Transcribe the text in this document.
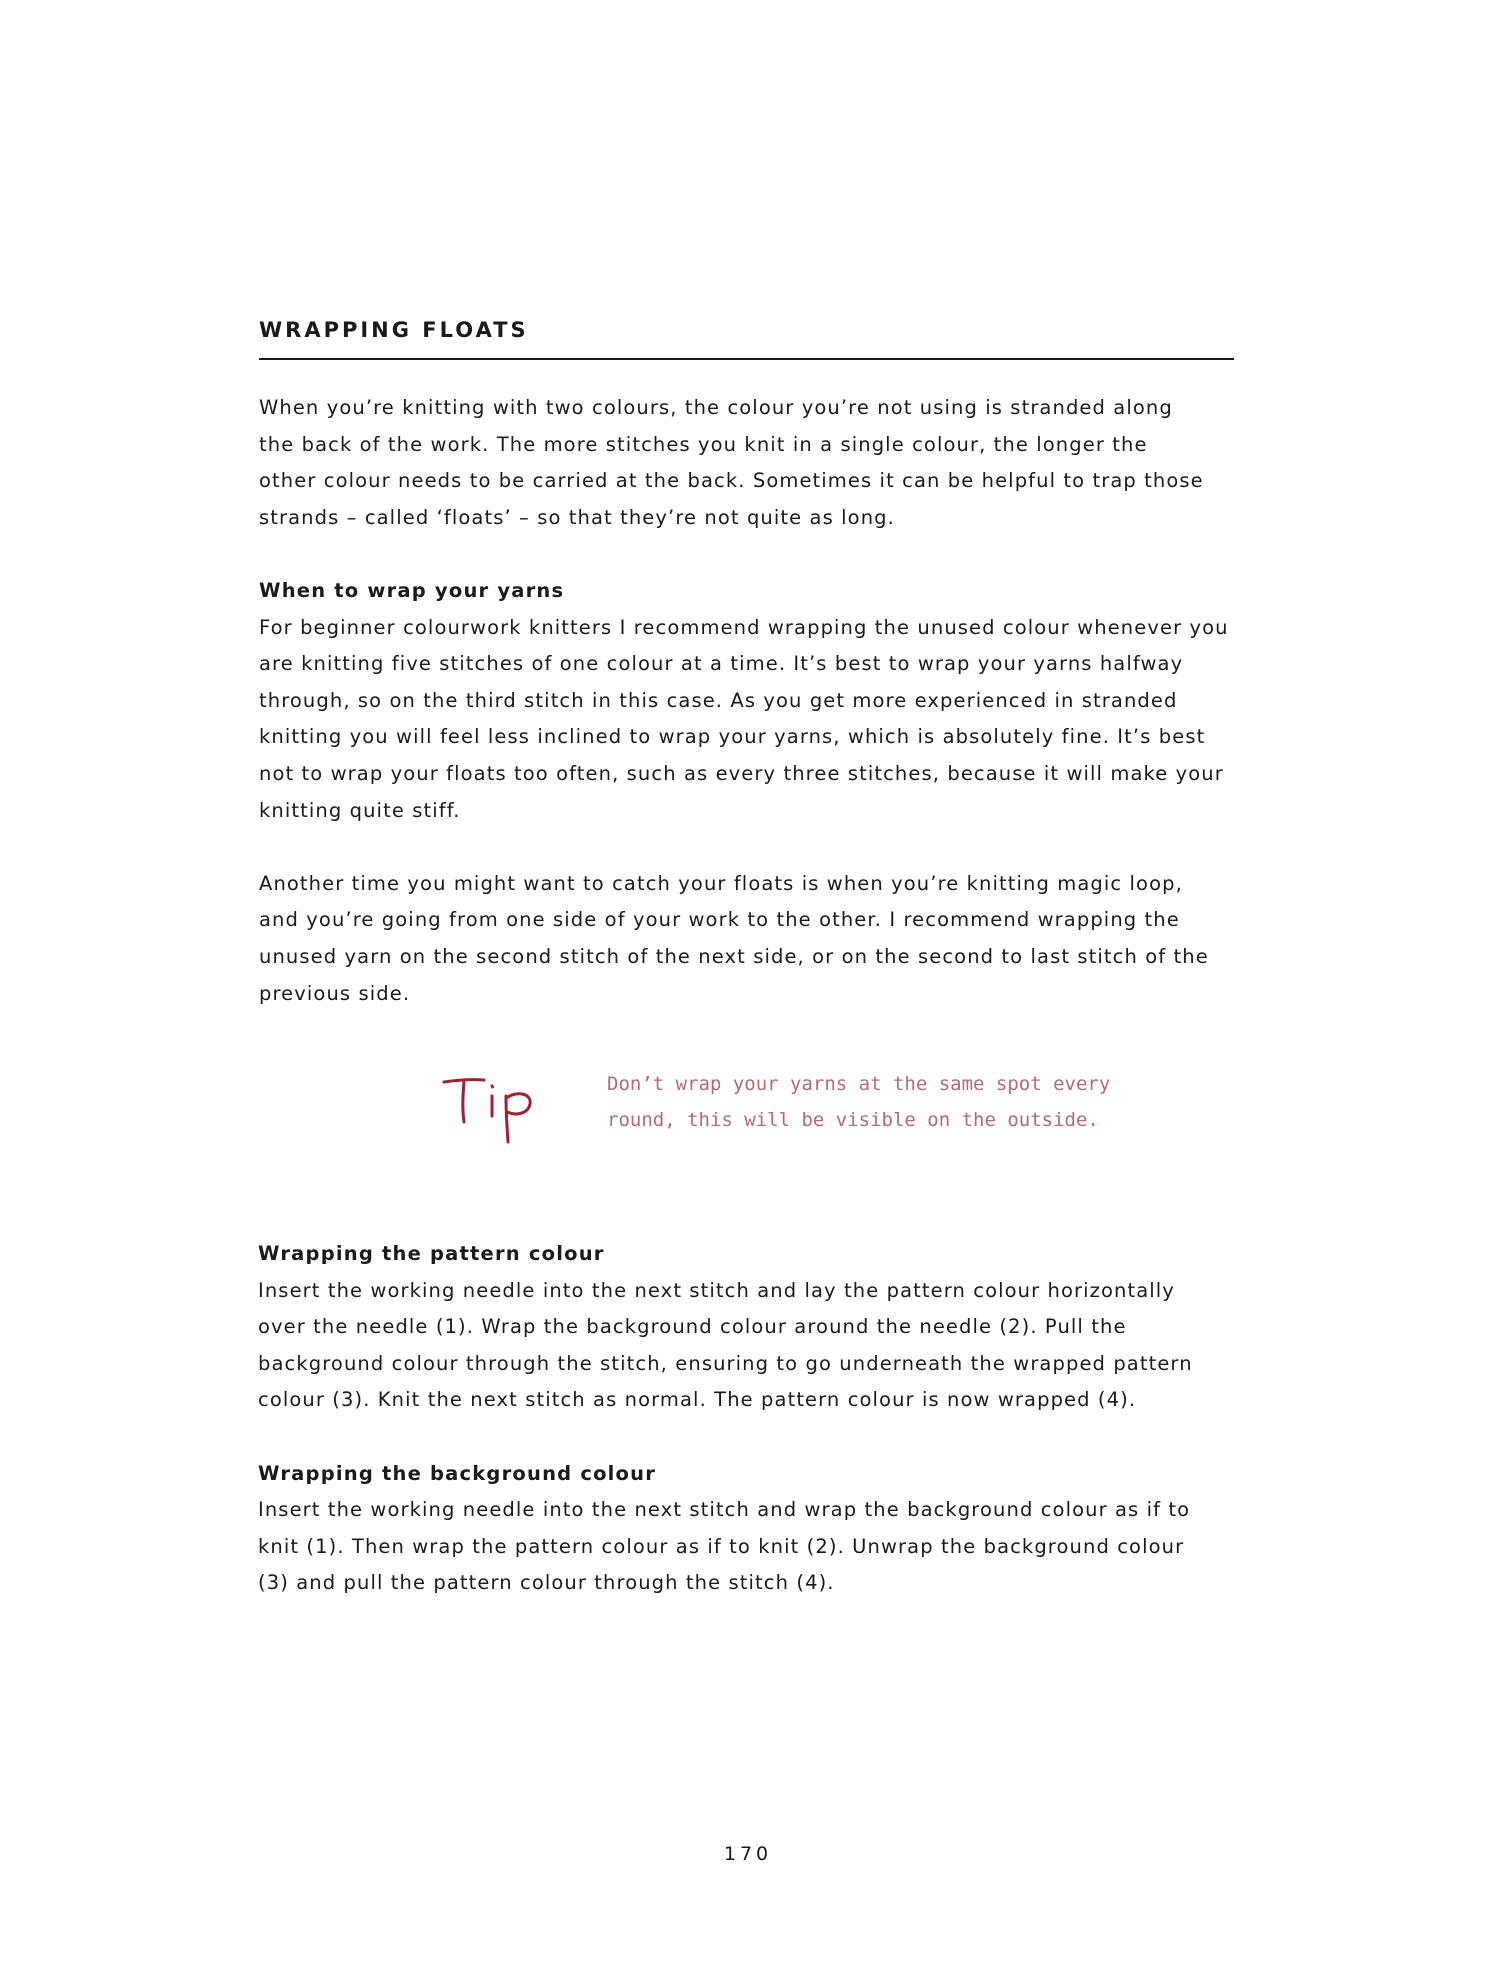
WRAPPING FLOATS

When you’re knitting with two colours, the colour you’re not using is stranded along

the back of the work. The more stitches you knit in a single colour, the longer the

other colour needs to be carried at the back. Sometimes it can be helpful to trap those

strands – called ‘floats’ – so that they’re not quite as long.

When to wrap your yarns

For beginner colourwork knitters I recommend wrapping the unused colour whenever you

are knitting five stitches of one colour at a time. It’s best to wrap your yarns halfway

through, so on the third stitch in this case. As you get more experienced in stranded

knitting you will feel less inclined to wrap your yarns, which is absolutely fine. It’s best

not to wrap your floats too often, such as every three stitches, because it will make your

knitting quite stiff.

Another time you might want to catch your floats is when you’re knitting magic loop,

and you’re going from one side of your work to the other. I recommend wrapping the

unused yarn on the second stitch of the next side, or on the second to last stitch of the

previous side.

Don’t wrap your yarns at the same spot every
round, this will be visible on the outside.
Wrapping the pattern colour

Insert the working needle into the next stitch and lay the pattern colour horizontally

over the needle (1). Wrap the background colour around the needle (2). Pull the

background colour through the stitch, ensuring to go underneath the wrapped pattern

colour (3). Knit the next stitch as normal. The pattern colour is now wrapped (4).

Wrapping the background colour

Insert the working needle into the next stitch and wrap the background colour as if to

knit (1). Then wrap the pattern colour as if to knit (2). Unwrap the background colour

(3) and pull the pattern colour through the stitch (4).

170
